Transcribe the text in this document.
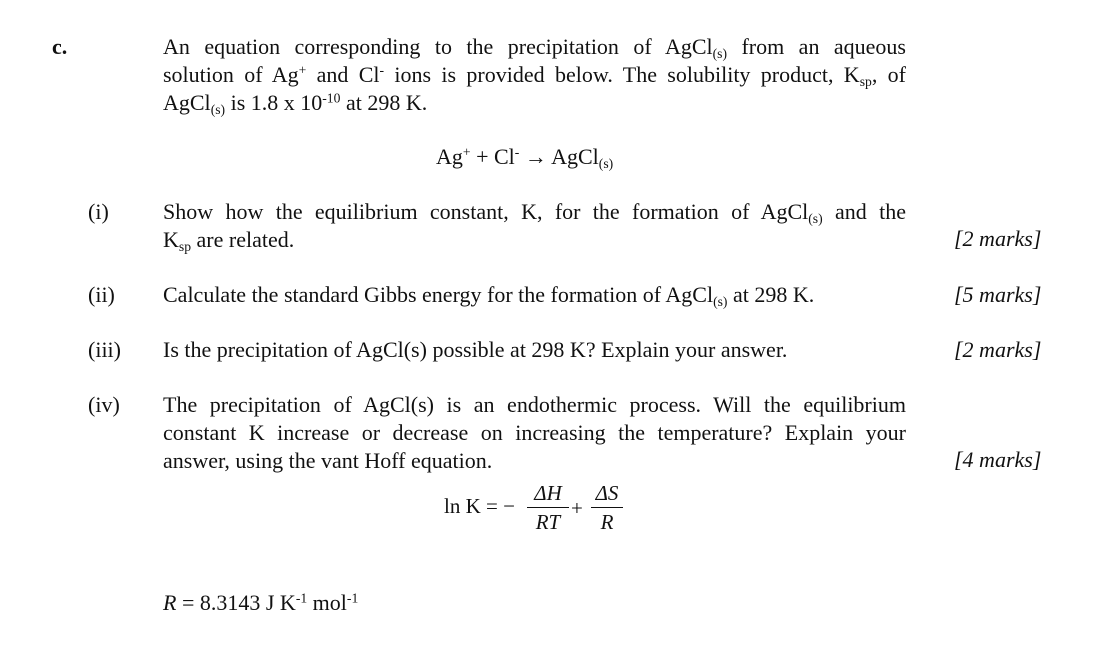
c.	An equation corresponding to the precipitation of AgCl$_{(s)}$ from an aqueous
solution of Ag+ and Cl- ions is provided below. The solubility product, $K_{sp}$, of
AgCl$_{(s)}$ is 1.8 x $10^{-10}$ at 298 K.
Ag+ + Cl- → AgCl$_{(s)}$
(i) Show how the equilibrium constant, K, for the formation of AgCl$_{(s)}$ and the
$K_{sp}$ are related.	[2 marks]
(ii) Calculate the standard Gibbs energy for the formation of AgCl$_{(s)}$ at 298 K.	[5 marks]
(iii) Is the precipitation of AgCl(s) possible at 298 K? Explain your answer.	[2 marks]
(iv) The precipitation of AgCl(s) is an endothermic process. Will the equilibrium
constant K increase or decrease on increasing the temperature? Explain your
answer, using the vant Hoff equation.	[4 marks]
ln K = −
ΔH
RT
+
ΔS
R
R = 8.3143 J $K^{-1}$ mol$^{-1}$
